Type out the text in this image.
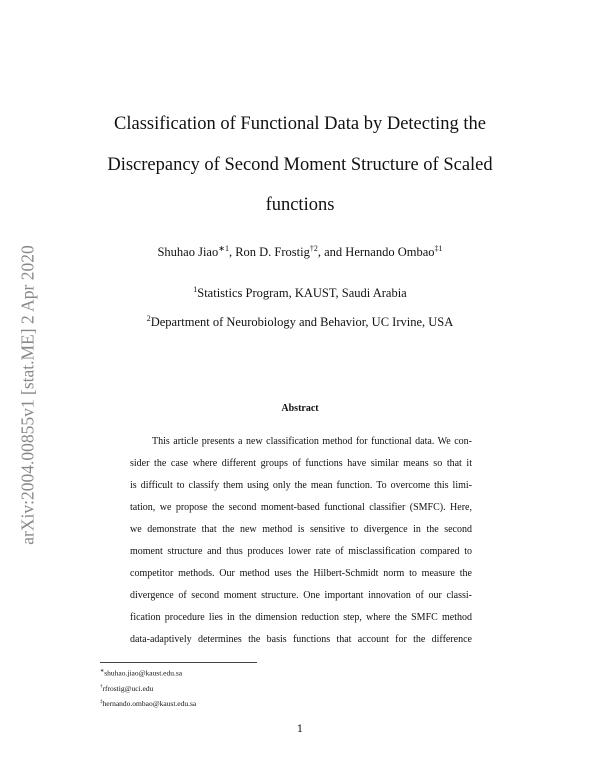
arXiv:2004.00855v1 [stat.ME] 2 Apr 2020
Classification of Functional Data by Detecting the
Discrepancy of Second Moment Structure of Scaled
functions
Shuhao Jiao$^{∗1}$, Ron D. Frostig$^{\dagger 2}$, and Hernando Ombao$^{\ddagger 1}$
$^1$Statistics Program, KAUST, Saudi Arabia
$^2$Department of Neurobiology and Behavior, UC Irvine, USA
Abstract
This article presents a new classification method for functional data. We con-
sider the case where different groups of functions have similar means so that it
is difficult to classify them using only the mean function. To overcome this limi-
tation, we propose the second moment-based functional classifier (SMFC). Here,
we demonstrate that the new method is sensitive to divergence in the second
moment structure and thus produces lower rate of misclassification compared to
competitor methods. Our method uses the Hilbert-Schmidt norm to measure the
divergence of second moment structure. One important innovation of our classi-
fication procedure lies in the dimension reduction step, where the SMFC method
data-adaptively determines the basis functions that account for the difference
∗shuhao.jiao@kaust.edu.sa
†rfrostig@uci.edu
‡hernando.ombao@kaust.edu.sa
1
